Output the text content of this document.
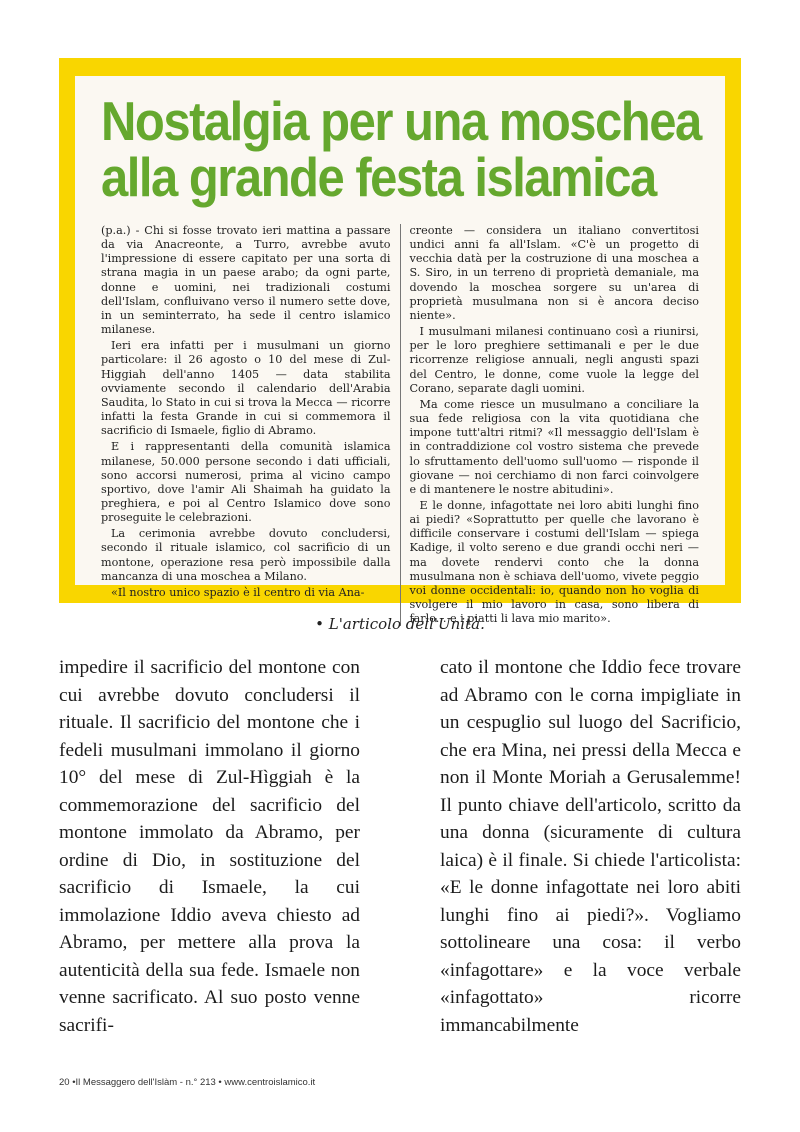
Nostalgia per una moschea
alla grande festa islamica

(p.a.) - Chi si fosse trovato ieri mattina a passare da via Anacreonte, a Turro, avrebbe avuto l'impressione di essere capitato per una sorta di strana magia in un paese arabo; da ogni parte, donne e uomini, nei tradizionali costumi dell'Islam, confluivano verso il numero sette dove, in un seminterrato, ha sede il centro islamico milanese.

Ieri era infatti per i musulmani un giorno particolare: il 26 agosto o 10 del mese di Zul-Higgiah dell'anno 1405 — data stabilita ovviamente secondo il calendario dell'Arabia Saudita, lo Stato in cui si trova la Mecca — ricorre infatti la festa Grande in cui si commemora il sacrificio di Ismaele, figlio di Abramo.

E i rappresentanti della comunità islamica milanese, 50.000 persone secondo i dati ufficiali, sono accorsi numerosi, prima al vicino campo sportivo, dove l'amir Ali Shaimah ha guidato la preghiera, e poi al Centro Islamico dove sono proseguite le celebrazioni.

La cerimonia avrebbe dovuto concludersi, secondo il rituale islamico, col sacrificio di un montone, operazione resa però impossibile dalla mancanza di una moschea a Milano.

«Il nostro unico spazio è il centro di via Ana-

creonte — considera un italiano convertitosi undici anni fa all'Islam. «C'è un progetto di vecchia datà per la costruzione di una moschea a S. Siro, in un terreno di proprietà demaniale, ma dovendo la moschea sorgere su un'area di proprietà musulmana non si è ancora deciso niente».

I musulmani milanesi continuano così a riunirsi, per le loro preghiere settimanali e per le due ricorrenze religiose annuali, negli angusti spazi del Centro, le donne, come vuole la legge del Corano, separate dagli uomini.

Ma come riesce un musulmano a conciliare la sua fede religiosa con la vita quotidiana che impone tutt'altri ritmi? «Il messaggio dell'Islam è in contraddizione col vostro sistema che prevede lo sfruttamento dell'uomo sull'uomo — risponde il giovane — noi cerchiamo di non farci coinvolgere e di mantenere le nostre abitudini».

E le donne, infagottate nei loro abiti lunghi fino ai piedi? «Soprattutto per quelle che lavorano è difficile conservare i costumi dell'Islam — spiega Kadige, il volto sereno e due grandi occhi neri — ma dovete rendervi conto che la donna musulmana non è schiava dell'uomo, vivete peggio voi donne occidentali: io, quando non ho voglia di svolgere il mio lavoro in casa, sono libera di farlo... e i piatti li lava mio marito».

• L'articolo dell'Unità.
impedire il sacrificio del montone con cui avrebbe dovuto concludersi il rituale. Il sacrificio del montone che i fedeli musulmani immolano il giorno 10° del mese di Zul-Hìggiah è la commemorazione del sacrificio del montone immolato da Abramo, per ordine di Dio, in sostituzione del sacrificio di Ismaele, la cui immolazione Iddio aveva chiesto ad Abramo, per mettere alla prova la autenticità della sua fede. Ismaele non venne sacrificato. Al suo posto venne sacrifi-
cato il montone che Iddio fece trovare ad Abramo con le corna impigliate in un cespuglio sul luogo del Sacrificio, che era Mina, nei pressi della Mecca e non il Monte Moriah a Gerusalemme! Il punto chiave dell'articolo, scritto da una donna (sicuramente di cultura laica) è il finale. Si chiede l'articolista: «E le donne infagottate nei loro abiti lunghi fino ai piedi?». Vogliamo sottolineare una cosa: il verbo «infagottare» e la voce verbale «infagottato» ricorre immancabilmente
20 •Il Messaggero dell'Islàm - n.° 213 • www.centroislamico.it
